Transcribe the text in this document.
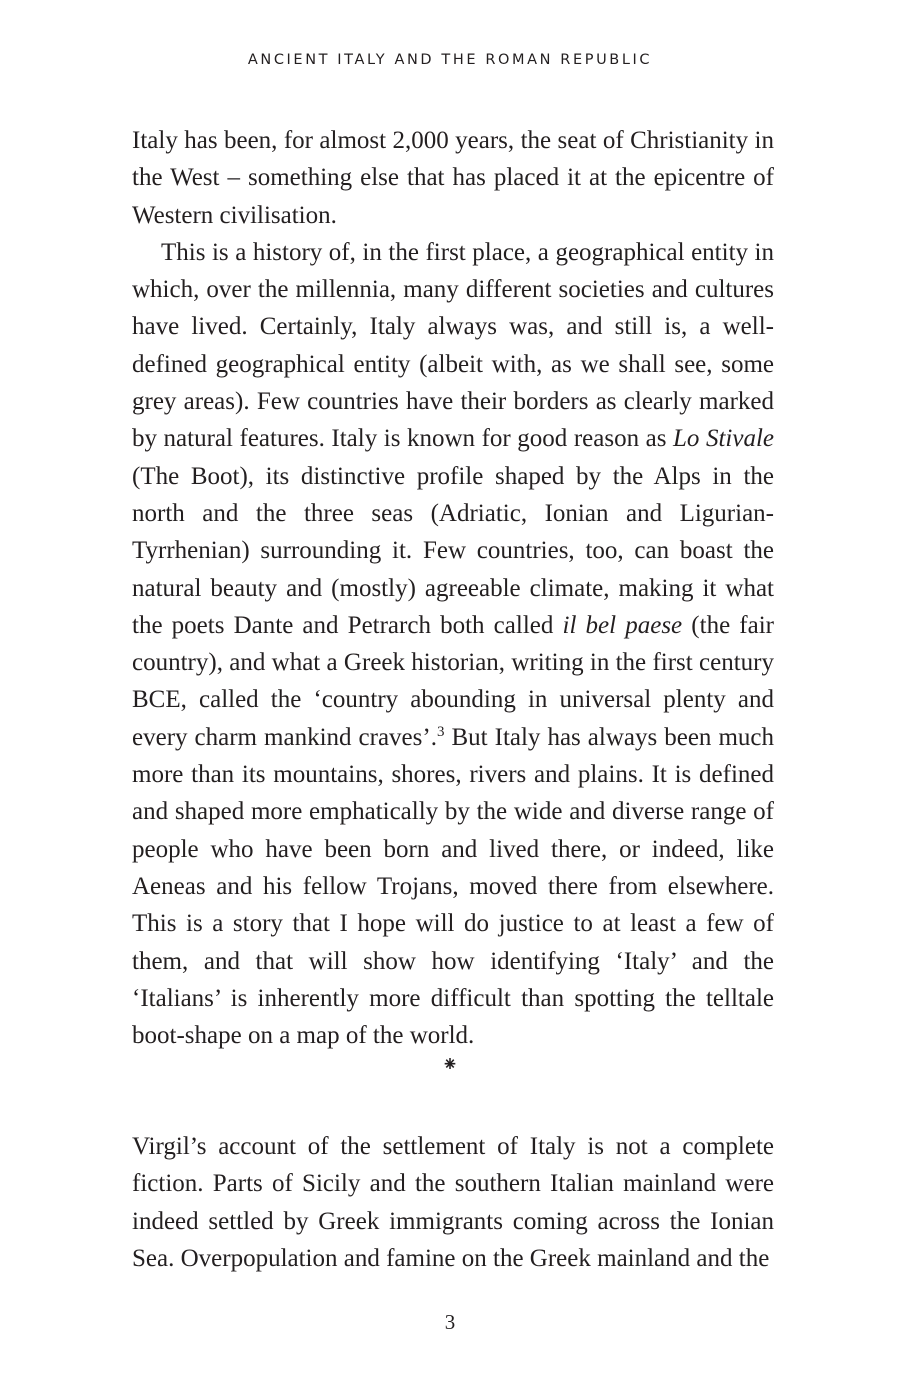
ANCIENT ITALY AND THE ROMAN REPUBLIC

Italy has been, for almost 2,000 years, the seat of Christianity in the West – something else that has placed it at the epicentre of Western civilisation.

This is a history of, in the first place, a geographical entity in which, over the millennia, many different societies and cultures have lived. Certainly, Italy always was, and still is, a well-defined geographical entity (albeit with, as we shall see, some grey areas). Few countries have their borders as clearly marked by natural features. Italy is known for good reason as Lo Stivale (The Boot), its distinctive profile shaped by the Alps in the north and the three seas (Adriatic, Ionian and Ligurian-Tyrrhenian) surrounding it. Few countries, too, can boast the natural beauty and (mostly) agreeable climate, making it what the poets Dante and Petrarch both called il bel paese (the fair country), and what a Greek historian, writing in the first century BCE, called the ‘country abounding in universal plenty and every charm mankind craves’.$^3$ But Italy has always been much more than its mountains, shores, rivers and plains. It is defined and shaped more emphatically by the wide and diverse range of people who have been born and lived there, or indeed, like Aeneas and his fellow Trojans, moved there from elsewhere. This is a story that I hope will do justice to at least a few of them, and that will show how identifying ‘Italy’ and the ‘Italians’ is inherently more difficult than spotting the telltale boot-shape on a map of the world.

⁕

Virgil’s account of the settlement of Italy is not a complete fiction. Parts of Sicily and the southern Italian mainland were indeed settled by Greek immigrants coming across the Ionian Sea. Overpopulation and famine on the Greek mainland and the

3
